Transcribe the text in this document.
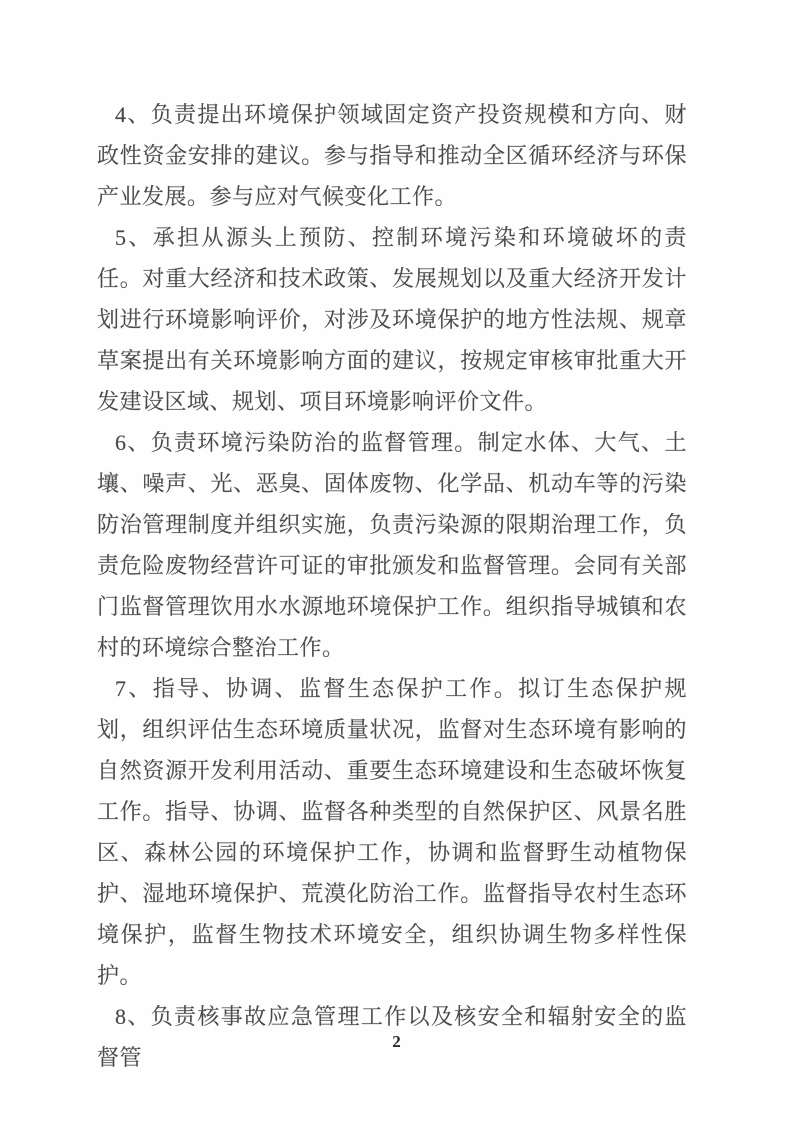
4、负责提出环境保护领域固定资产投资规模和方向、财政性资金安排的建议。参与指导和推动全区循环经济与环保产业发展。参与应对气候变化工作。

5、承担从源头上预防、控制环境污染和环境破坏的责任。对重大经济和技术政策、发展规划以及重大经济开发计划进行环境影响评价，对涉及环境保护的地方性法规、规章草案提出有关环境影响方面的建议，按规定审核审批重大开发建设区域、规划、项目环境影响评价文件。

6、负责环境污染防治的监督管理。制定水体、大气、土壤、噪声、光、恶臭、固体废物、化学品、机动车等的污染防治管理制度并组织实施，负责污染源的限期治理工作，负责危险废物经营许可证的审批颁发和监督管理。会同有关部门监督管理饮用水水源地环境保护工作。组织指导城镇和农村的环境综合整治工作。

7、指导、协调、监督生态保护工作。拟订生态保护规划，组织评估生态环境质量状况，监督对生态环境有影响的自然资源开发利用活动、重要生态环境建设和生态破坏恢复工作。指导、协调、监督各种类型的自然保护区、风景名胜区、森林公园的环境保护工作，协调和监督野生动植物保护、湿地环境保护、荒漠化防治工作。监督指导农村生态环境保护，监督生物技术环境安全，组织协调生物多样性保护。

8、负责核事故应急管理工作以及核安全和辐射安全的监督管

2
